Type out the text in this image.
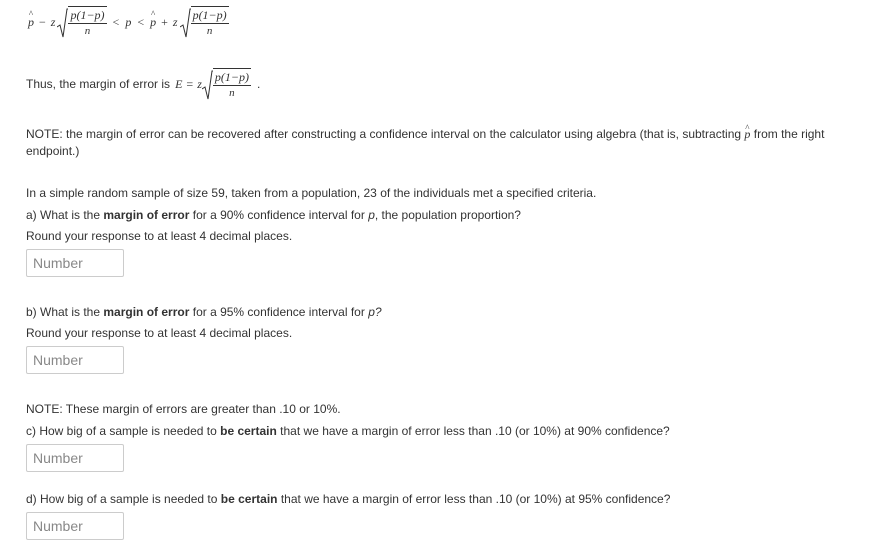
^ p − z $\frac{p(1-p)}{n} < p$ < ^ p + z $\frac{p(1-p)}{n}$
Thus, the margin of error is E = z $\frac{p(1-p)}{n}$ .
NOTE: the margin of error can be recovered after constructing a confidence interval on the calculator using algebra (that is, subtracting ^ p from the right endpoint.)
In a simple random sample of size 59, taken from a population, 23 of the individuals met a specified criteria.
a) What is the margin of error for a 90% confidence interval for p, the population proportion?
Round your response to at least 4 decimal places.
Number
b) What is the margin of error for a 95% confidence interval for p?
Round your response to at least 4 decimal places.
Number
NOTE: These margin of errors are greater than .10 or 10%.
c) How big of a sample is needed to be certain that we have a margin of error less than .10 (or 10%) at 90% confidence?
Number
d) How big of a sample is needed to be certain that we have a margin of error less than .10 (or 10%) at 95% confidence?
Number
